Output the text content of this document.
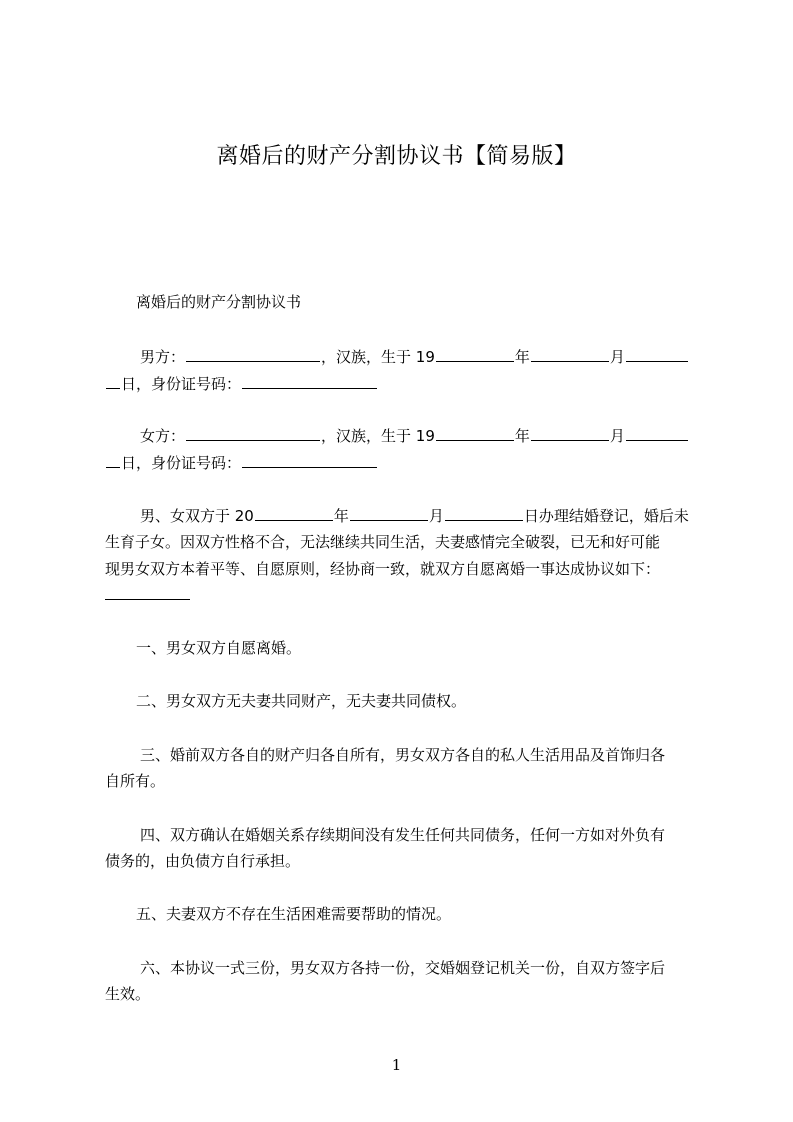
离婚后的财产分割协议书【简易版】
离婚后的财产分割协议书
男方：	，汉族，生于 19	年	月
日，身份证号码：
女方：	，汉族，生于 19	年	月
日，身份证号码：
男、女双方于 20	年	月	日办理结婚登记，婚后未
生育子女。因双方性格不合，无法继续共同生活，夫妻感情完全破裂，已无和好可能
现男女双方本着平等、自愿原则，经协商一致，就双方自愿离婚一事达成协议如下：
一、男女双方自愿离婚。
二、男女双方无夫妻共同财产，无夫妻共同债权。
三、婚前双方各自的财产归各自所有，男女双方各自的私人生活用品及首饰归各
自所有。
四、双方确认在婚姻关系存续期间没有发生任何共同债务，任何一方如对外负有
债务的，由负债方自行承担。
五、夫妻双方不存在生活困难需要帮助的情况。
六、本协议一式三份，男女双方各持一份，交婚姻登记机关一份，自双方签字后
生效。
1
